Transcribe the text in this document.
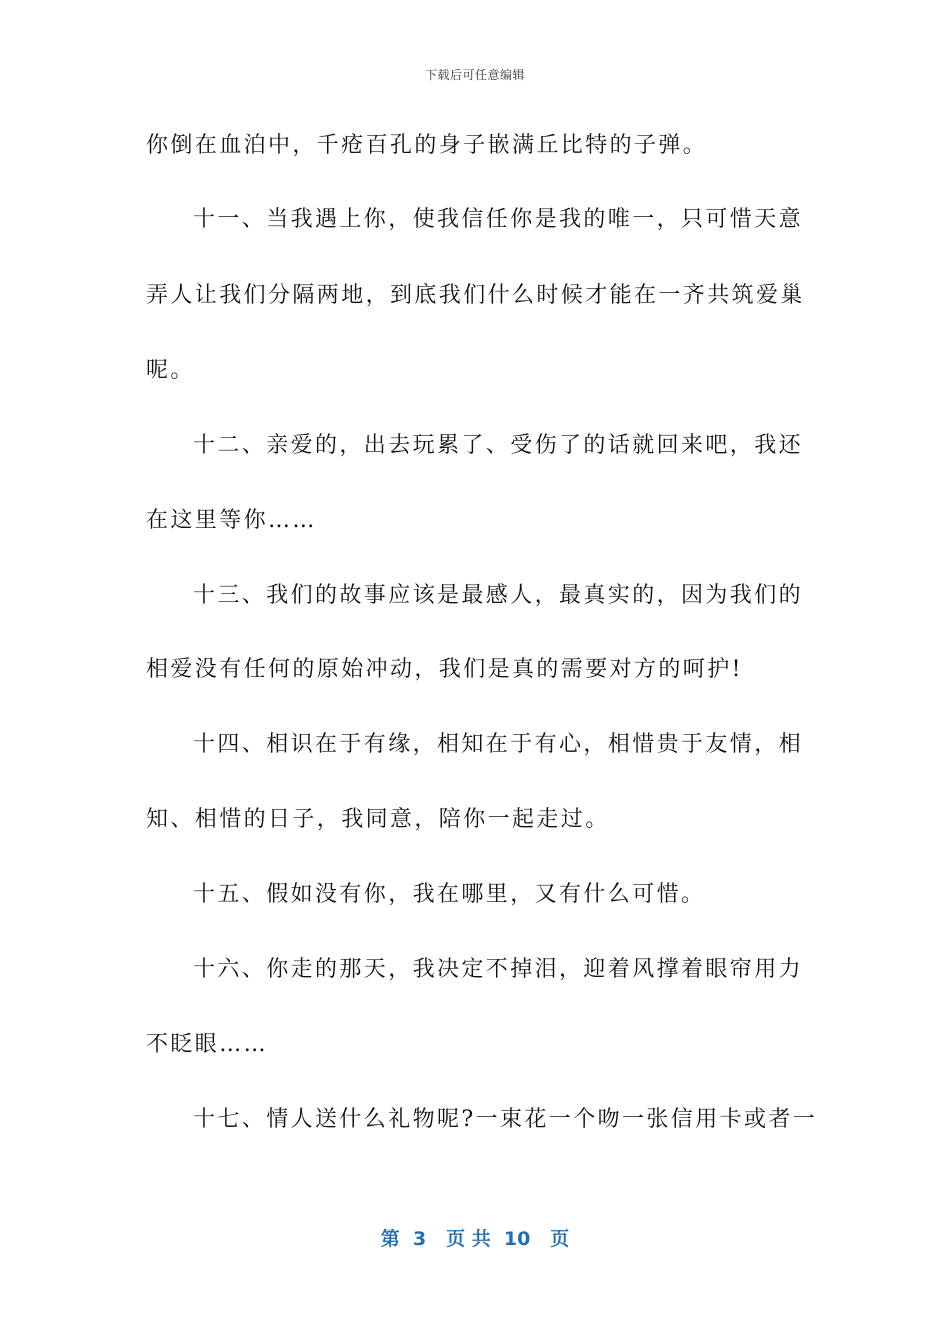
下载后可任意编辑
你倒在血泊中，千疮百孔的身子嵌满丘比特的子弹。
十一、当我遇上你，使我信任你是我的唯一，只可惜天意
弄人让我们分隔两地，到底我们什么时候才能在一齐共筑爱巢
呢。
十二、亲爱的，出去玩累了、受伤了的话就回来吧，我还
在这里等你……
十三、我们的故事应该是最感人，最真实的，因为我们的
相爱没有任何的原始冲动，我们是真的需要对方的呵护!
十四、相识在于有缘，相知在于有心，相惜贵于友情，相
知、相惜的日子，我同意，陪你一起走过。
十五、假如没有你，我在哪里，又有什么可惜。
十六、你走的那天，我决定不掉泪，迎着风撑着眼帘用力
不眨眼……
十七、情人送什么礼物呢?一束花一个吻一张信用卡或者一
第  3   页 共  10   页
